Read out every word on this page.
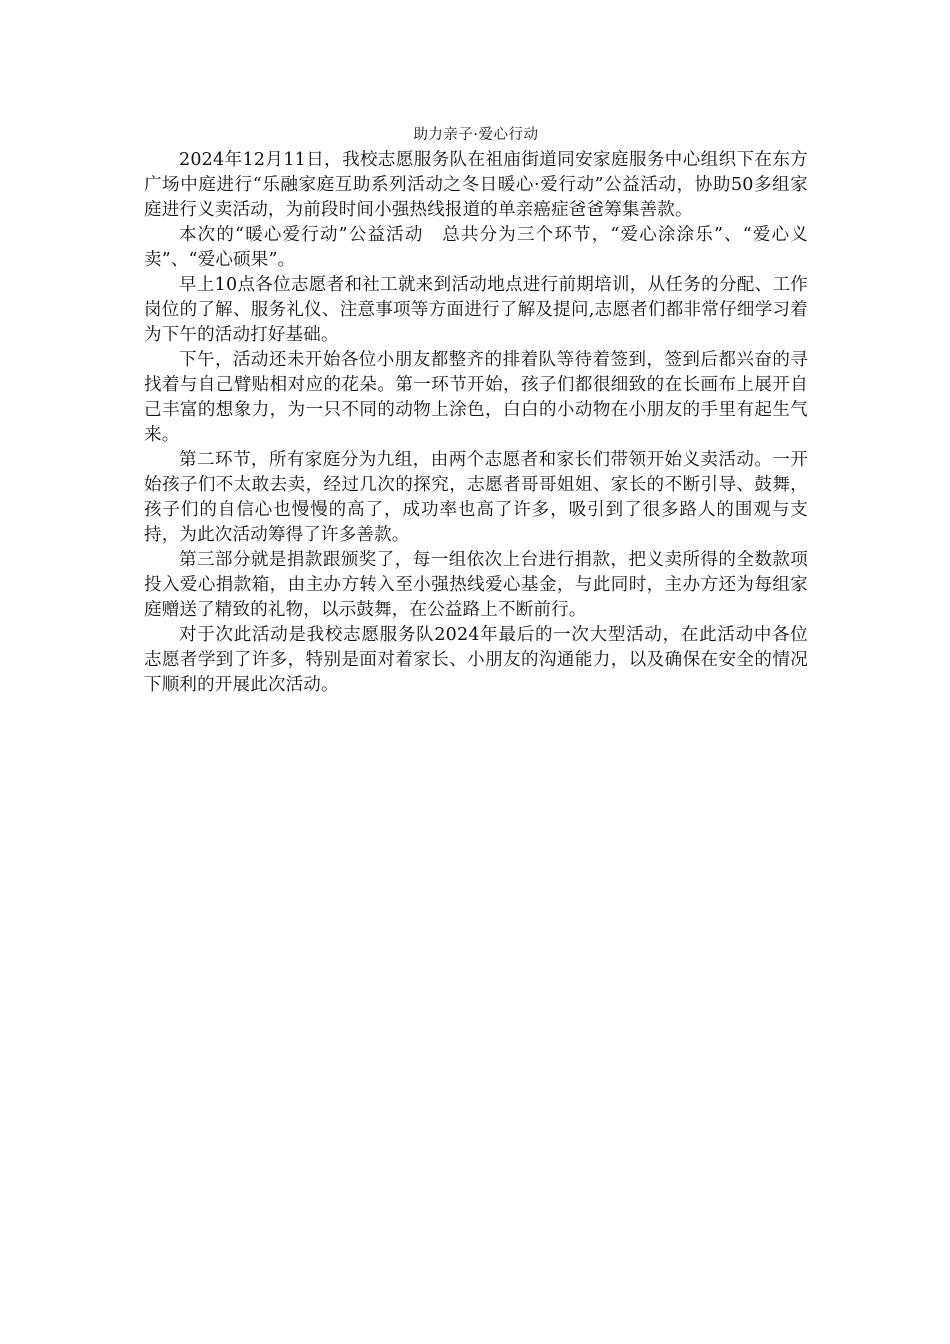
助力亲子·爱心行动

2024年12月11日，我校志愿服务队在祖庙街道同安家庭服务中心组织下在东方广场中庭进行“乐融家庭互助系列活动之冬日暖心·爱行动”公益活动，协助50多组家庭进行义卖活动，为前段时间小强热线报道的单亲癌症爸爸筹集善款。

本次的“暖心爱行动”公益活动　总共分为三个环节，“爱心涂涂乐”、“爱心义卖”、“爱心硕果”。

早上10点各位志愿者和社工就来到活动地点进行前期培训，从任务的分配、工作岗位的了解、服务礼仪、注意事项等方面进行了解及提问,志愿者们都非常仔细学习着为下午的活动打好基础。

下午，活动还未开始各位小朋友都整齐的排着队等待着签到，签到后都兴奋的寻找着与自己臂贴相对应的花朵。第一环节开始，孩子们都很细致的在长画布上展开自己丰富的想象力，为一只不同的动物上涂色，白白的小动物在小朋友的手里有起生气来。

第二环节，所有家庭分为九组，由两个志愿者和家长们带领开始义卖活动。一开始孩子们不太敢去卖，经过几次的探究，志愿者哥哥姐姐、家长的不断引导、鼓舞，孩子们的自信心也慢慢的高了，成功率也高了许多，吸引到了很多路人的围观与支持，为此次活动筹得了许多善款。

第三部分就是捐款跟颁奖了，每一组依次上台进行捐款，把义卖所得的全数款项投入爱心捐款箱，由主办方转入至小强热线爱心基金，与此同时，主办方还为每组家庭赠送了精致的礼物，以示鼓舞，在公益路上不断前行。

对于次此活动是我校志愿服务队2024年最后的一次大型活动，在此活动中各位志愿者学到了许多，特别是面对着家长、小朋友的沟通能力，以及确保在安全的情况下顺利的开展此次活动。
